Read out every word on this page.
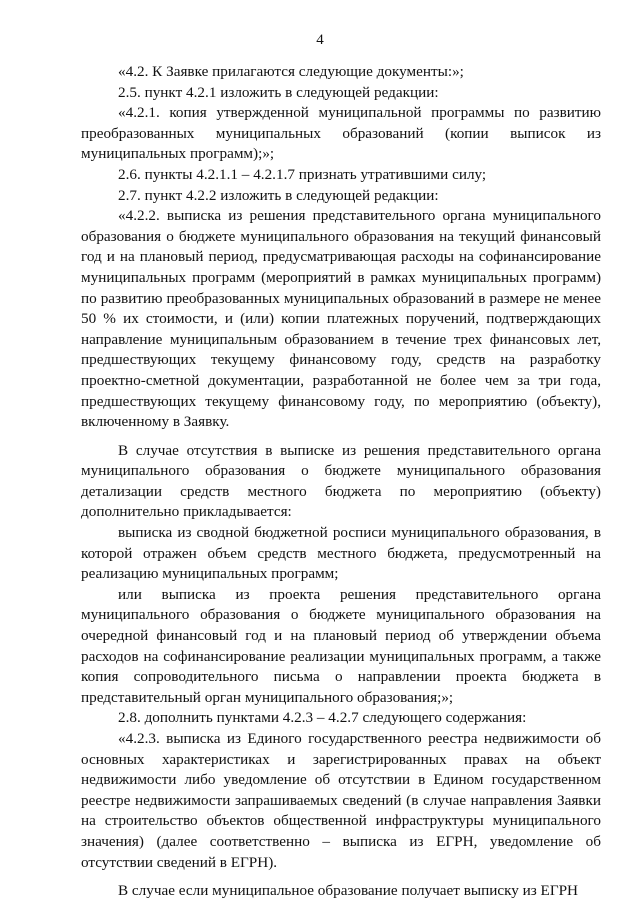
4

«4.2. К Заявке прилагаются следующие документы:»;

2.5. пункт 4.2.1 изложить в следующей редакции:

«4.2.1. копия утвержденной муниципальной программы по развитию преобразованных муниципальных образований (копии выписок из муниципальных программ);»;

2.6. пункты 4.2.1.1 – 4.2.1.7 признать утратившими силу;

2.7. пункт 4.2.2 изложить в следующей редакции:

«4.2.2. выписка из решения представительного органа муниципального образования о бюджете муниципального образования на текущий финансовый год и на плановый период, предусматривающая расходы на софинансирование муниципальных программ (мероприятий в рамках муниципальных программ) по развитию преобразованных муниципальных образований в размере не менее 50 % их стоимости, и (или) копии платежных поручений, подтверждающих направление муниципальным образованием в течение трех финансовых лет, предшествующих текущему финансовому году, средств на разработку проектно-сметной документации, разработанной не более чем за три года, предшествующих текущему финансовому году, по мероприятию (объекту), включенному в Заявку.

В случае отсутствия в выписке из решения представительного органа муниципального образования о бюджете муниципального образования детализации средств местного бюджета по мероприятию (объекту) дополнительно прикладывается:

выписка из сводной бюджетной росписи муниципального образования, в которой отражен объем средств местного бюджета, предусмотренный на реализацию муниципальных программ;

или выписка из проекта решения представительного органа муниципального образования о бюджете муниципального образования на очередной финансовый год и на плановый период об утверждении объема расходов на софинансирование реализации муниципальных программ, а также копия сопроводительного письма о направлении проекта бюджета в представительный орган муниципального образования;»;

2.8. дополнить пунктами 4.2.3 – 4.2.7 следующего содержания:

«4.2.3. выписка из Единого государственного реестра недвижимости об основных характеристиках и зарегистрированных правах на объект недвижимости либо уведомление об отсутствии в Едином государственном реестре недвижимости запрашиваемых сведений (в случае направления Заявки на строительство объектов общественной инфраструктуры муниципального значения) (далее соответственно – выписка из ЕГРН, уведомление об отсутствии сведений в ЕГРН).

В случае если муниципальное образование получает выписку из ЕГРН
